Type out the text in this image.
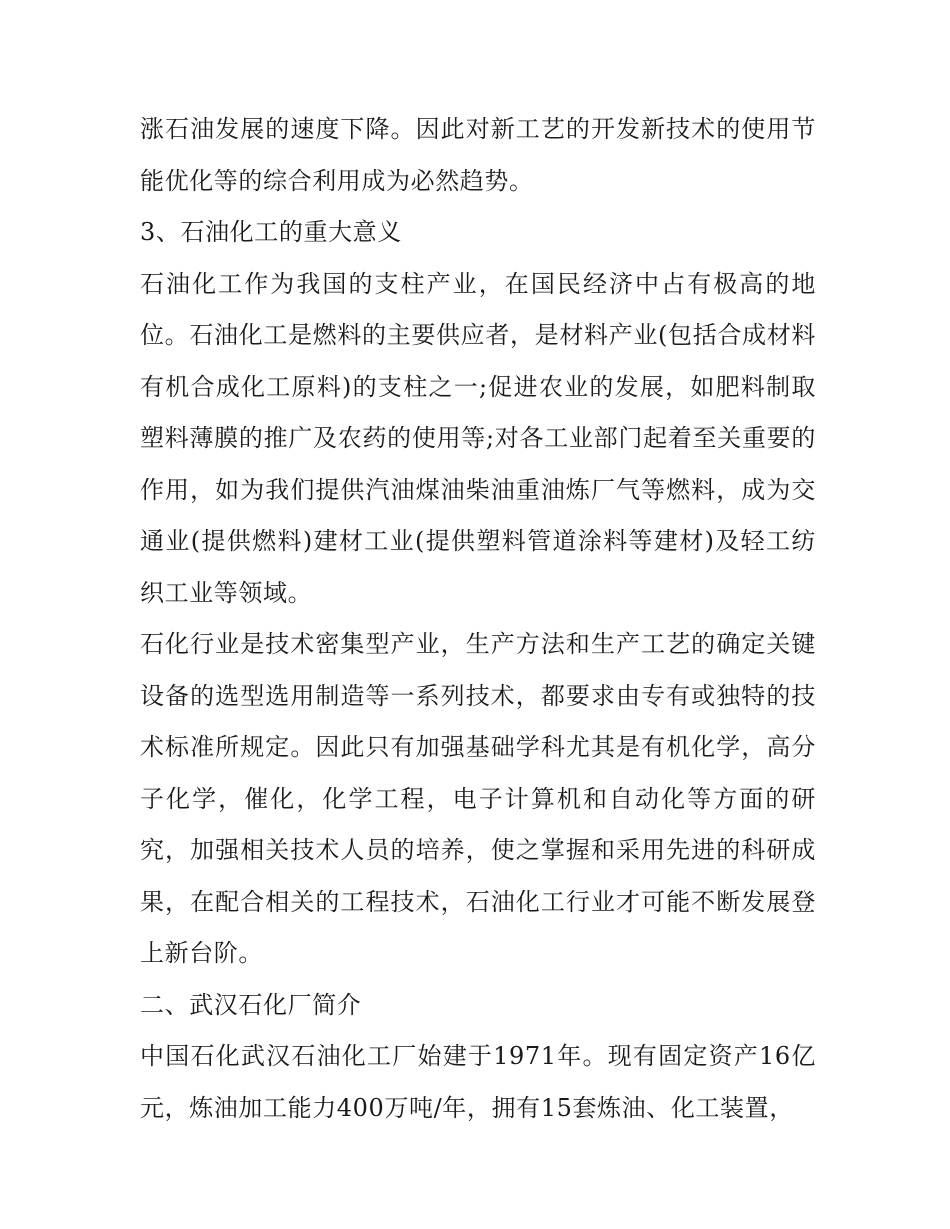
涨石油发展的速度下降。因此对新工艺的开发新技术的使用节能优化等的综合利用成为必然趋势。

3、石油化工的重大意义

石油化工作为我国的支柱产业，在国民经济中占有极高的地位。石油化工是燃料的主要供应者，是材料产业(包括合成材料有机合成化工原料)的支柱之一;促进农业的发展，如肥料制取塑料薄膜的推广及农药的使用等;对各工业部门起着至关重要的作用，如为我们提供汽油煤油柴油重油炼厂气等燃料，成为交通业(提供燃料)建材工业(提供塑料管道涂料等建材)及轻工纺织工业等领域。

石化行业是技术密集型产业，生产方法和生产工艺的确定关键设备的选型选用制造等一系列技术，都要求由专有或独特的技术标准所规定。因此只有加强基础学科尤其是有机化学，高分子化学，催化，化学工程，电子计算机和自动化等方面的研究，加强相关技术人员的培养，使之掌握和采用先进的科研成果，在配合相关的工程技术，石油化工行业才可能不断发展登上新台阶。

二、武汉石化厂简介

中国石化武汉石油化工厂始建于1971年。现有固定资产16亿元，炼油加工能力400万吨/年，拥有15套炼油、化工装置，
